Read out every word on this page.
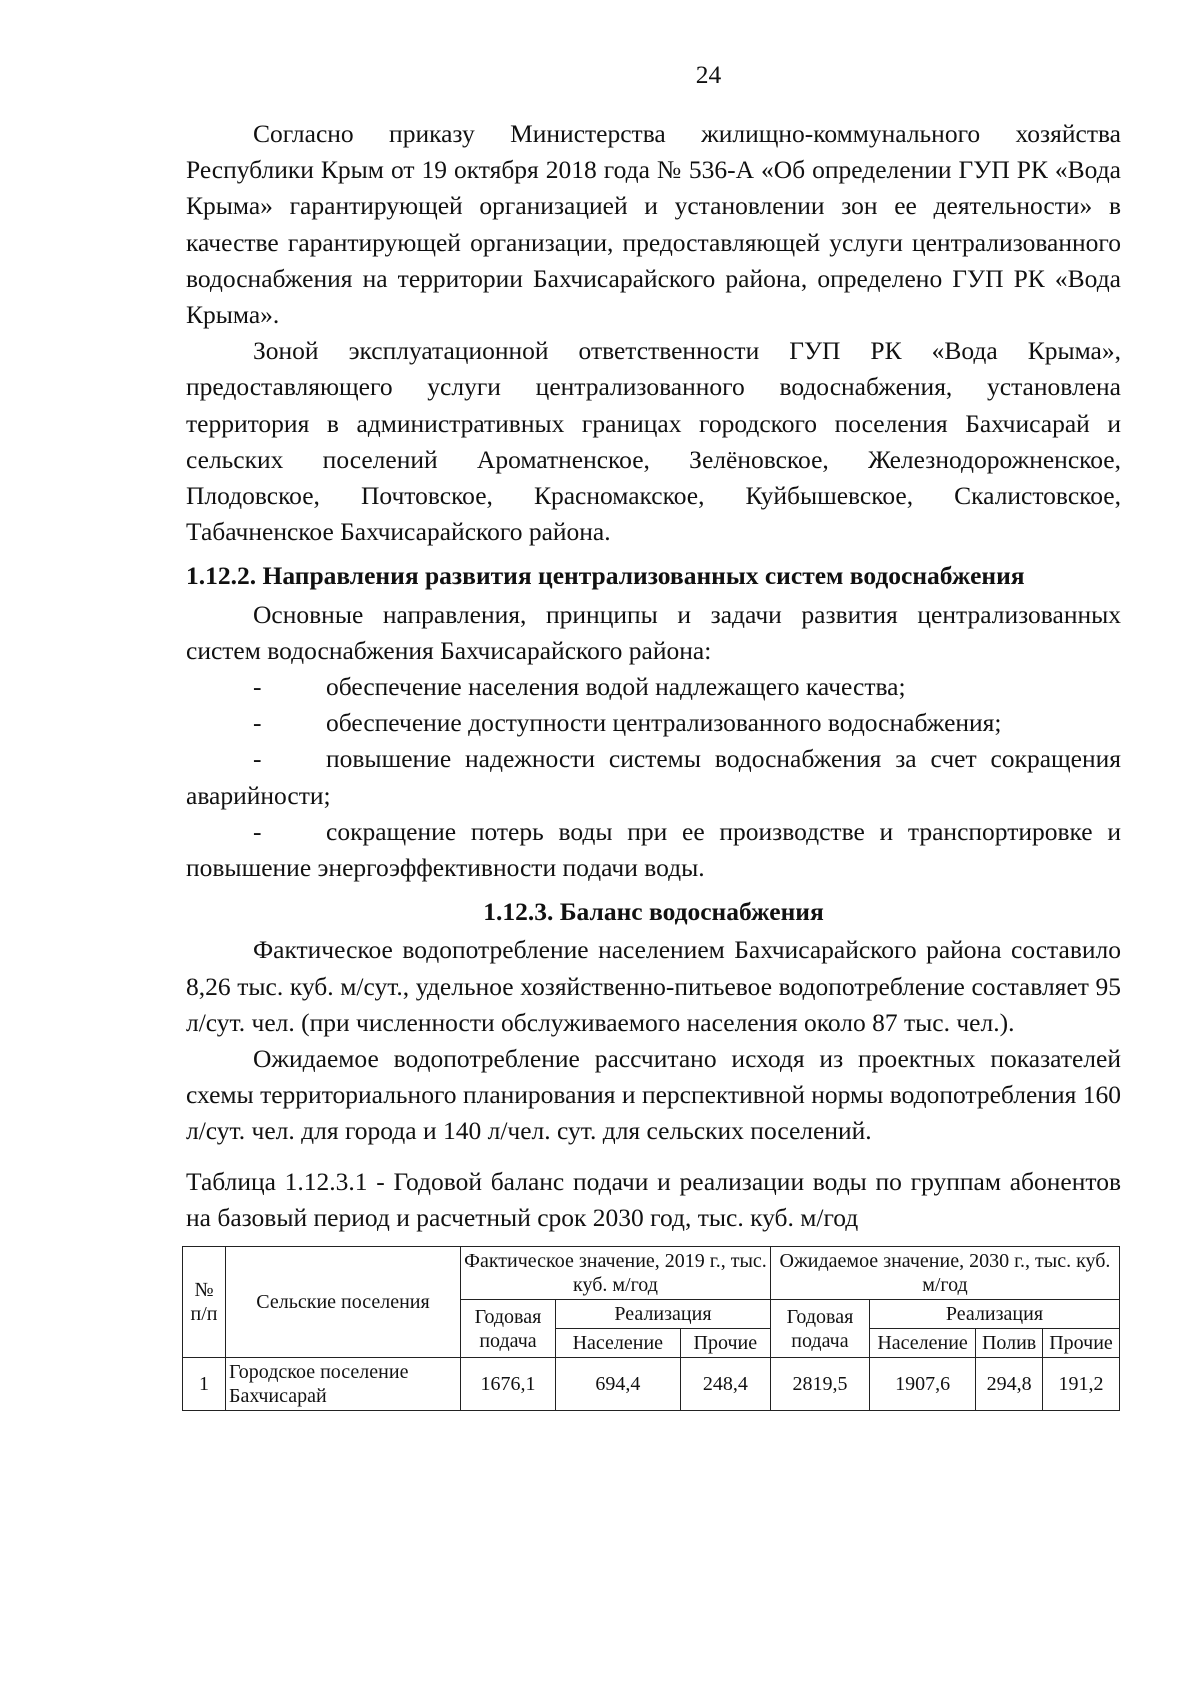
24

Согласно приказу Министерства жилищно-коммунального хозяйства Республики Крым от 19 октября 2018 года № 536-А «Об определении ГУП РК «Вода Крыма» гарантирующей организацией и установлении зон ее деятельности» в качестве гарантирующей организации, предоставляющей услуги централизованного водоснабжения на территории Бахчисарайского района, определено ГУП РК «Вода Крыма».

Зоной эксплуатационной ответственности ГУП РК «Вода Крыма», предоставляющего услуги централизованного водоснабжения, установлена территория в административных границах городского поселения Бахчисарай и сельских поселений Ароматненское, Зелёновское, Железнодорожненское, Плодовское, Почтовское, Красномакское, Куйбышевское, Скалистовское, Табачненское Бахчисарайского района.

1.12.2. Направления развития централизованных систем водоснабжения

Основные направления, принципы и задачи развития централизованных систем водоснабжения Бахчисарайского района:

-	обеспечение населения водой надлежащего качества;

-	обеспечение доступности централизованного водоснабжения;

-	повышение надежности системы водоснабжения за счет сокращения аварийности;

-	сокращение потерь воды при ее производстве и транспортировке и повышение энергоэффективности подачи воды.

1.12.3. Баланс водоснабжения

Фактическое водопотребление населением Бахчисарайского района составило 8,26 тыс. куб. м/сут., удельное хозяйственно-питьевое водопотребление составляет 95 л/сут. чел. (при численности обслуживаемого населения около 87 тыс. чел.).

Ожидаемое водопотребление рассчитано исходя из проектных показателей схемы территориального планирования и перспективной нормы водопотребления 160 л/сут. чел. для города и 140 л/чел. сут. для сельских поселений.

Таблица 1.12.3.1 - Годовой баланс подачи и реализации воды по группам абонентов на базовый период и расчетный срок 2030 год, тыс. куб. м/год

№ п/п	Сельские поселения	Фактическое значение, 2019 г., тыс. куб. м/год			Ожидаемое значение, 2030 г., тыс. куб. м/год			
		Годовая подача	Реализация		Годовая подача	Реализация		
			Население	Прочие		Население	Полив	Прочие
1	Городское поселение Бахчисарай	1676,1	694,4	248,4	2819,5	1907,6	294,8	191,2
